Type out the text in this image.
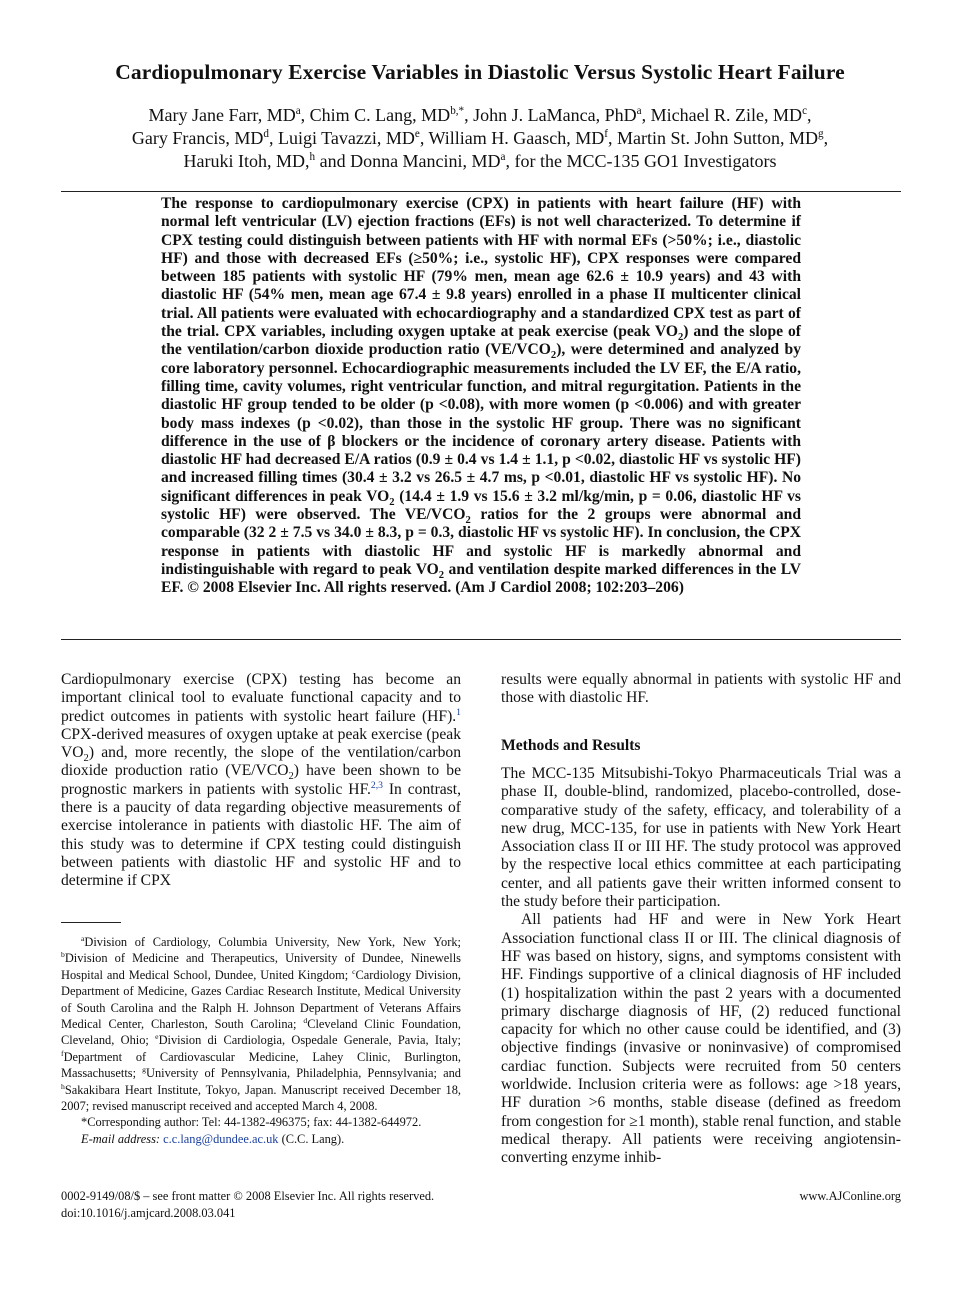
Cardiopulmonary Exercise Variables in Diastolic Versus Systolic Heart Failure
Mary Jane Farr, $MD^a$, Chim C. Lang, $MD^{b,*}$, John J. LaManca, PhD$^a$, Michael R. Zile, $MD^c$,
Gary Francis, $MD^d$, Luigi Tavazzi, MDe, William H. Gaasch, $MD^f$, Martin St. John Sutton, $MD^g$,
Haruki Itoh, MD,$^h$ and Donna Mancini, $MD^a$, for the MCC-135 GO1 Investigators
The response to cardiopulmonary exercise (CPX) in patients with heart failure (HF) with normal left ventricular (LV) ejection fractions (EFs) is not well characterized. To determine if CPX testing could distinguish between patients with HF with normal EFs (>50%; i.e., diastolic HF) and those with decreased EFs (≥50%; i.e., systolic HF), CPX responses were compared between 185 patients with systolic HF (79% men, mean age 62.6 ± 10.9 years) and 43 with diastolic HF (54% men, mean age 67.4 ± 9.8 years) enrolled in a phase II multicenter clinical trial. All patients were evaluated with echocardiography and a standardized CPX test as part of the trial. CPX variables, including oxygen uptake at peak exercise (peak $VO_2$) and the slope of the ventilation/carbon dioxide production ratio $(VE/VCO_2)$, were determined and analyzed by core laboratory personnel. Echocardiographic measurements included the LV EF, the E/A ratio, filling time, cavity volumes, right ventricular function, and mitral regurgitation. Patients in the diastolic HF group tended to be older (p <0.08), with more women (p <0.006) and with greater body mass indexes (p <0.02), than those in the systolic HF group. There was no significant difference in the use of β blockers or the incidence of coronary artery disease. Patients with diastolic HF had decreased E/A ratios (0.9 ± 0.4 vs 1.4 ± 1.1, p <0.02, diastolic HF vs systolic HF) and increased filling times (30.4 ± 3.2 vs 26.5 ± 4.7 ms, p <0.01, diastolic HF vs systolic HF). No significant differences in peak $VO_2$ (14.4 ± 1.9 vs 15.6 ± 3.2 ml/kg/min, p = 0.06, diastolic HF vs systolic HF) were observed. The $VE/VCO_2$ ratios for the 2 groups were abnormal and comparable (32 2 ± 7.5 vs 34.0 ± 8.3, p = 0.3, diastolic HF vs systolic HF). In conclusion, the CPX response in patients with diastolic HF and systolic HF is markedly abnormal and indistinguishable with regard to peak $VO_2$ and ventilation despite marked differences in the LV EF. © 2008 Elsevier Inc. All rights reserved. (Am J Cardiol 2008; 102:203–206)

Cardiopulmonary exercise (CPX) testing has become an important clinical tool to evaluate functional capacity and to predict outcomes in patients with systolic heart failure (HF).$^1$ CPX-derived measures of oxygen uptake at peak exercise (peak $VO_2$) and, more recently, the slope of the ventilation/carbon dioxide production ratio $(VE/VCO_2)$ have been shown to be prognostic markers in patients with systolic HF.$^{2,3}$ In contrast, there is a paucity of data regarding objective measurements of exercise intolerance in patients with diastolic HF. The aim of this study was to determine if CPX testing could distinguish between patients with diastolic HF and systolic HF and to determine if CPX

results were equally abnormal in patients with systolic HF and those with diastolic HF.

Methods and Results

The MCC-135 Mitsubishi-Tokyo Pharmaceuticals Trial was a phase II, double-blind, randomized, placebo-controlled, dose-comparative study of the safety, efficacy, and tolerability of a new drug, MCC-135, for use in patients with New York Heart Association class II or III HF. The study protocol was approved by the respective local ethics committee at each participating center, and all patients gave their written informed consent to the study before their participation.

All patients had HF and were in New York Heart Association functional class II or III. The clinical diagnosis of HF was based on history, signs, and symptoms consistent with HF. Findings supportive of a clinical diagnosis of HF included (1) hospitalization within the past 2 years with a documented primary discharge diagnosis of HF, (2) reduced functional capacity for which no other cause could be identified, and (3) objective findings (invasive or noninvasive) of compromised cardiac function. Subjects were recruited from 50 centers worldwide. Inclusion criteria were as follows: age >18 years, HF duration >6 months, stable disease (defined as freedom from congestion for ≥1 month), stable renal function, and stable medical therapy. All patients were receiving angiotensin-converting enzyme inhib-

$^a$Division of Cardiology, Columbia University, New York, New York; $^b$Division of Medicine and Therapeutics, University of Dundee, Ninewells Hospital and Medical School, Dundee, United Kingdom; $^c$Cardiology Division, Department of Medicine, Gazes Cardiac Research Institute, Medical University of South Carolina and the Ralph H. Johnson Department of Veterans Affairs Medical Center, Charleston, South Carolina; $^d$Cleveland Clinic Foundation, Cleveland, Ohio; $^e$Division di Cardiologia, Ospedale Generale, Pavia, Italy; $^f$Department of Cardiovascular Medicine, Lahey Clinic, Burlington, Massachusetts; $^g$University of Pennsylvania, Philadelphia, Pennsylvania; and $^h$Sakakibara Heart Institute, Tokyo, Japan. Manuscript received December 18, 2007; revised manuscript received and accepted March 4, 2008.

*Corresponding author: Tel: 44-1382-496375; fax: 44-1382-644972.

E-mail address: c.c.lang@dundee.ac.uk (C.C. Lang).

0002-9149/08/$ – see front matter © 2008 Elsevier Inc. All rights reserved.
doi:10.1016/j.amjcard.2008.03.041
www.AJConline.org
